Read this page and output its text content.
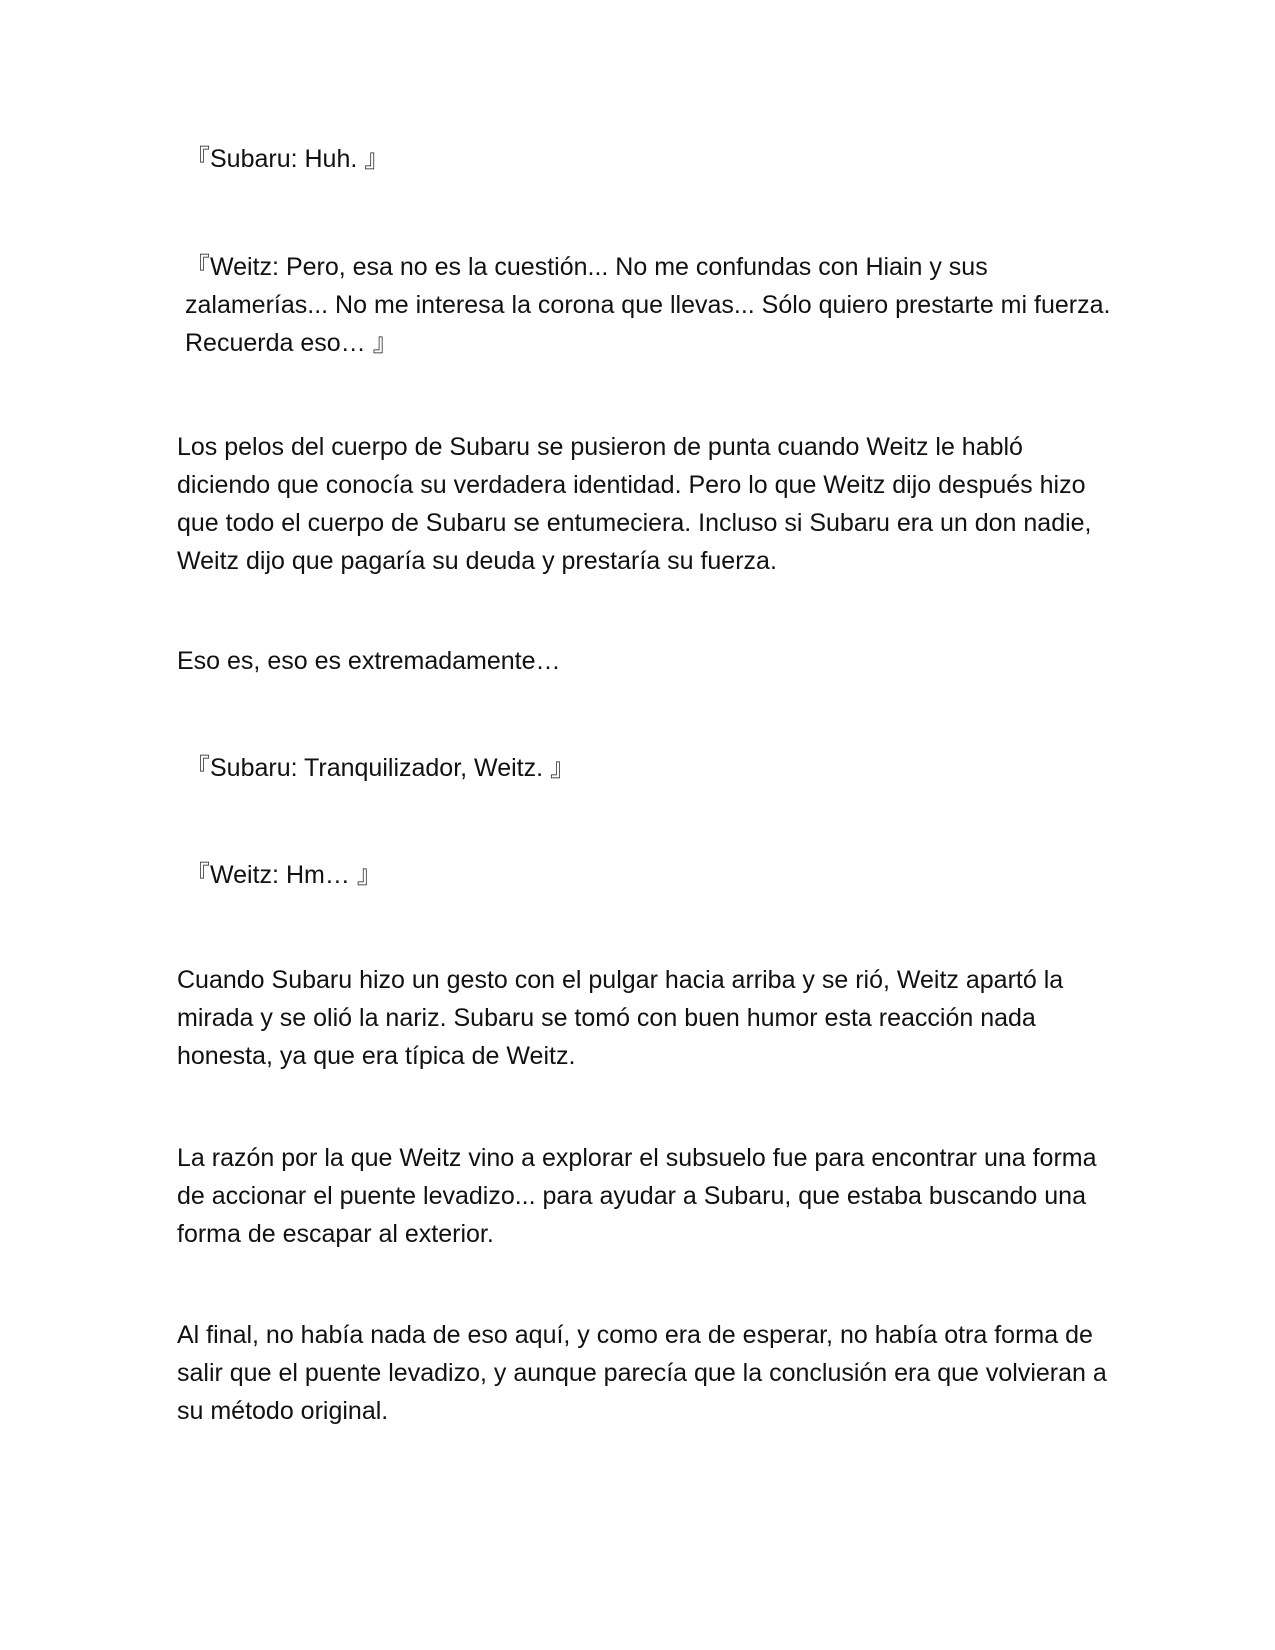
『Subaru: Huh. 』

『Weitz: Pero, esa no es la cuestión... No me confundas con Hiain y sus zalamerías... No me interesa la corona que llevas... Sólo quiero prestarte mi fuerza. Recuerda eso… 』

Los pelos del cuerpo de Subaru se pusieron de punta cuando Weitz le habló diciendo que conocía su verdadera identidad. Pero lo que Weitz dijo después hizo que todo el cuerpo de Subaru se entumeciera. Incluso si Subaru era un don nadie, Weitz dijo que pagaría su deuda y prestaría su fuerza.

Eso es, eso es extremadamente…

『Subaru: Tranquilizador, Weitz. 』

『Weitz: Hm… 』

Cuando Subaru hizo un gesto con el pulgar hacia arriba y se rió, Weitz apartó la mirada y se olió la nariz. Subaru se tomó con buen humor esta reacción nada honesta, ya que era típica de Weitz.

La razón por la que Weitz vino a explorar el subsuelo fue para encontrar una forma de accionar el puente levadizo... para ayudar a Subaru, que estaba buscando una forma de escapar al exterior.

Al final, no había nada de eso aquí, y como era de esperar, no había otra forma de salir que el puente levadizo, y aunque parecía que la conclusión era que volvieran a su método original.
